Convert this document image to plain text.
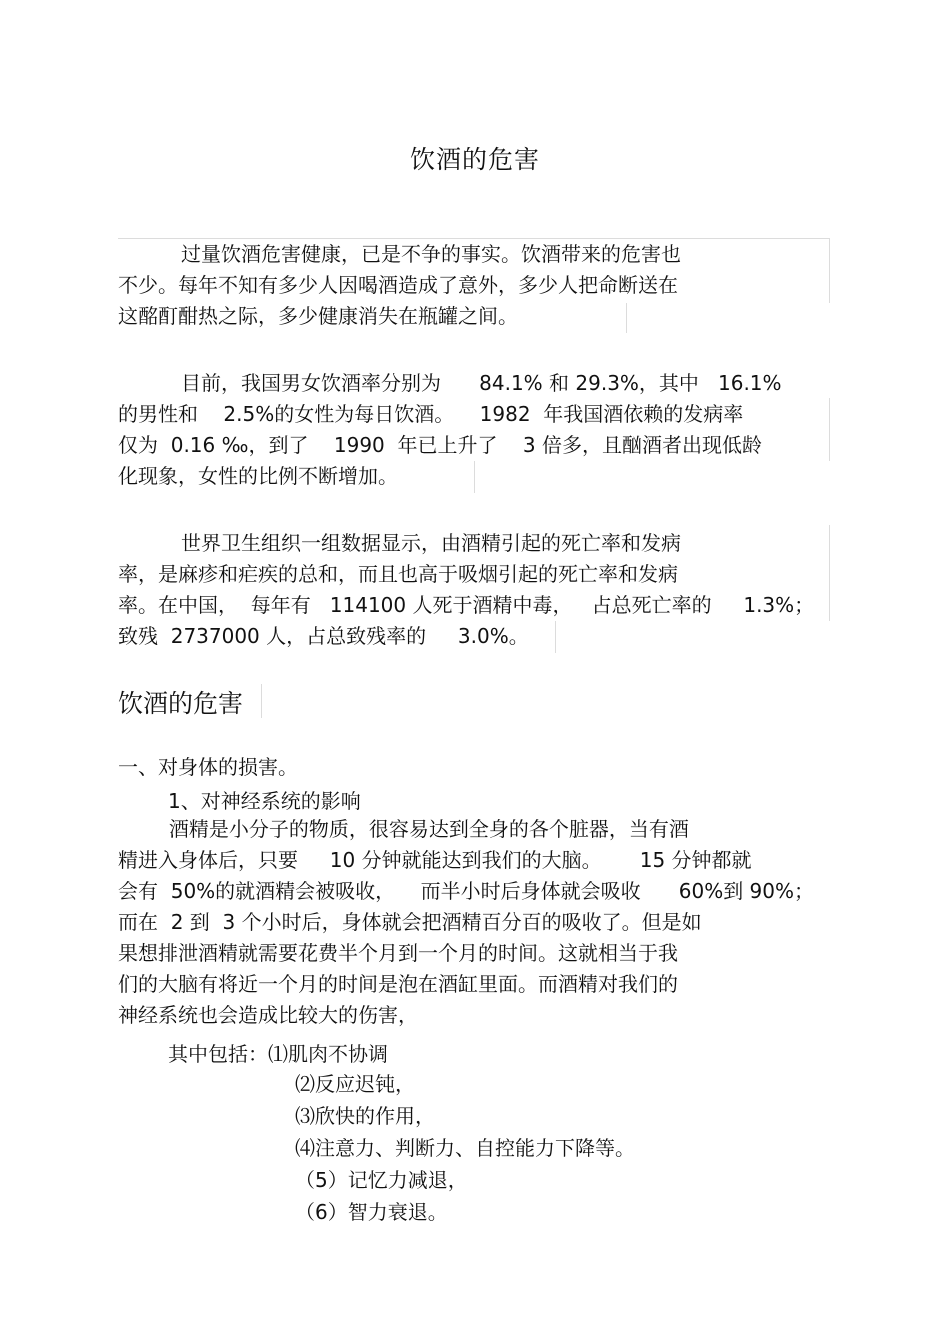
饮酒的危害
过量饮酒危害健康，已是不争的事实。饮酒带来的危害也
不少。每年不知有多少人因喝酒造成了意外，多少人把命断送在
这酩酊酣热之际，多少健康消失在瓶罐之间。
目前，我国男女饮酒率分别为      84.1% 和 29.3%，其中   16.1%
的男性和    2.5%的女性为每日饮酒。    1982  年我国酒依赖的发病率
仅为  0.16 ‰，到了    1990  年已上升了    3 倍多，且酗酒者出现低龄
化现象，女性的比例不断增加。
世界卫生组织一组数据显示，由酒精引起的死亡率和发病
率，是麻疹和疟疾的总和，而且也高于吸烟引起的死亡率和发病
率。在中国，  每年有   114100 人死于酒精中毒，   占总死亡率的     1.3%；
致残  2737000 人，占总致残率的     3.0%。
饮酒的危害
一、对身体的损害。
1、对神经系统的影响
酒精是小分子的物质，很容易达到全身的各个脏器，当有酒
精进入身体后，只要     10 分钟就能达到我们的大脑。      15 分钟都就
会有  50%的就酒精会被吸收，    而半小时后身体就会吸收      60%到 90%；
而在  2 到  3 个小时后，身体就会把酒精百分百的吸收了。但是如
果想排泄酒精就需要花费半个月到一个月的时间。这就相当于我
们的大脑有将近一个月的时间是泡在酒缸里面。而酒精对我们的
神经系统也会造成比较大的伤害，
其中包括：⑴肌肉不协调
⑵反应迟钝，
⑶欣快的作用，
⑷注意力、判断力、自控能力下降等。
（5）记忆力减退，
（6）智力衰退。
